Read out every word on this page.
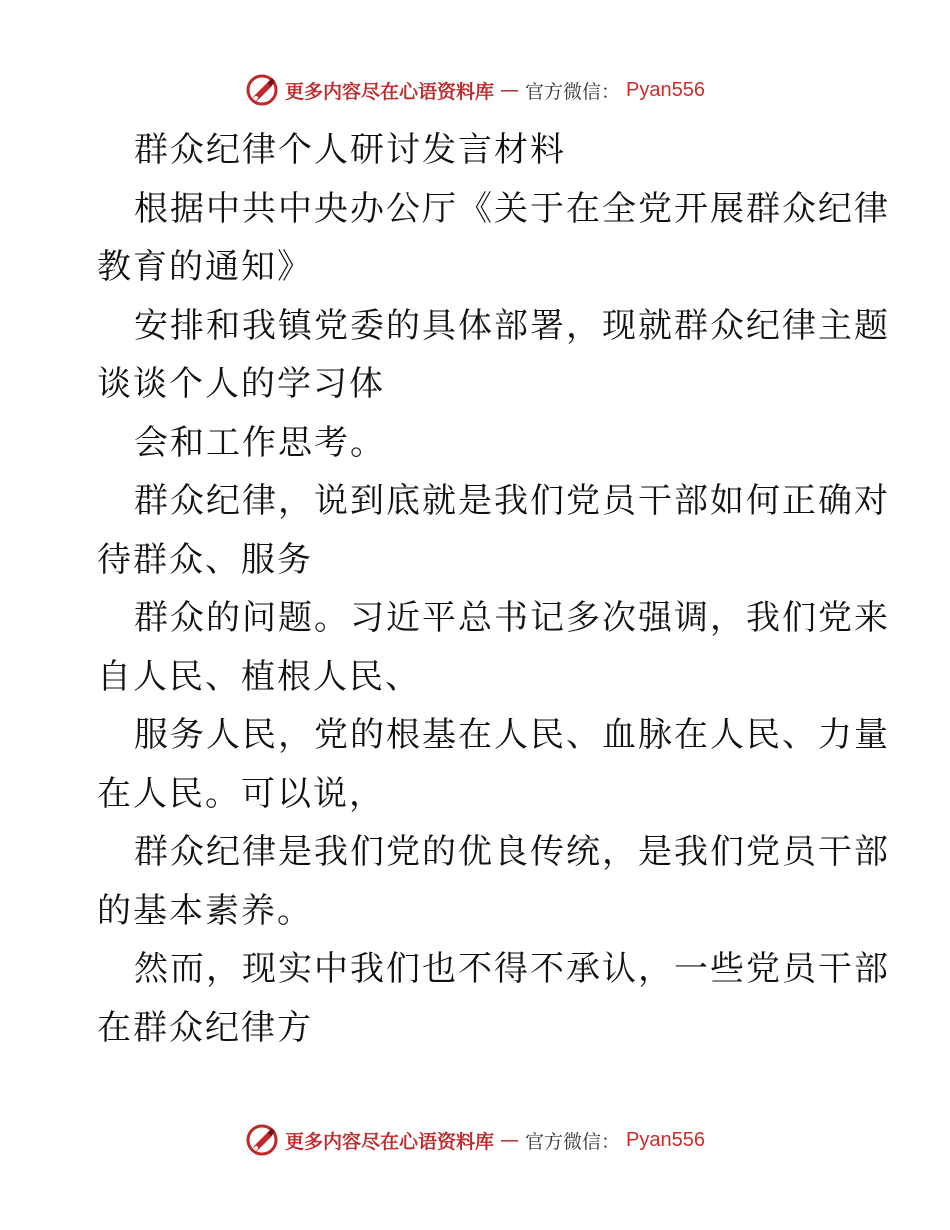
更多内容尽在心语资料库 — 官方微信： Pyan556
群众纪律个人研讨发言材料
根据中共中央办公厅《关于在全党开展群众纪律
教育的通知》
安排和我镇党委的具体部署，现就群众纪律主题
谈谈个人的学习体
会和工作思考。
群众纪律，说到底就是我们党员干部如何正确对
待群众、服务
群众的问题。习近平总书记多次强调，我们党来
自人民、植根人民、
服务人民，党的根基在人民、血脉在人民、力量
在人民。可以说，
群众纪律是我们党的优良传统，是我们党员干部
的基本素养。
然而，现实中我们也不得不承认，一些党员干部
在群众纪律方
更多内容尽在心语资料库 — 官方微信： Pyan556
